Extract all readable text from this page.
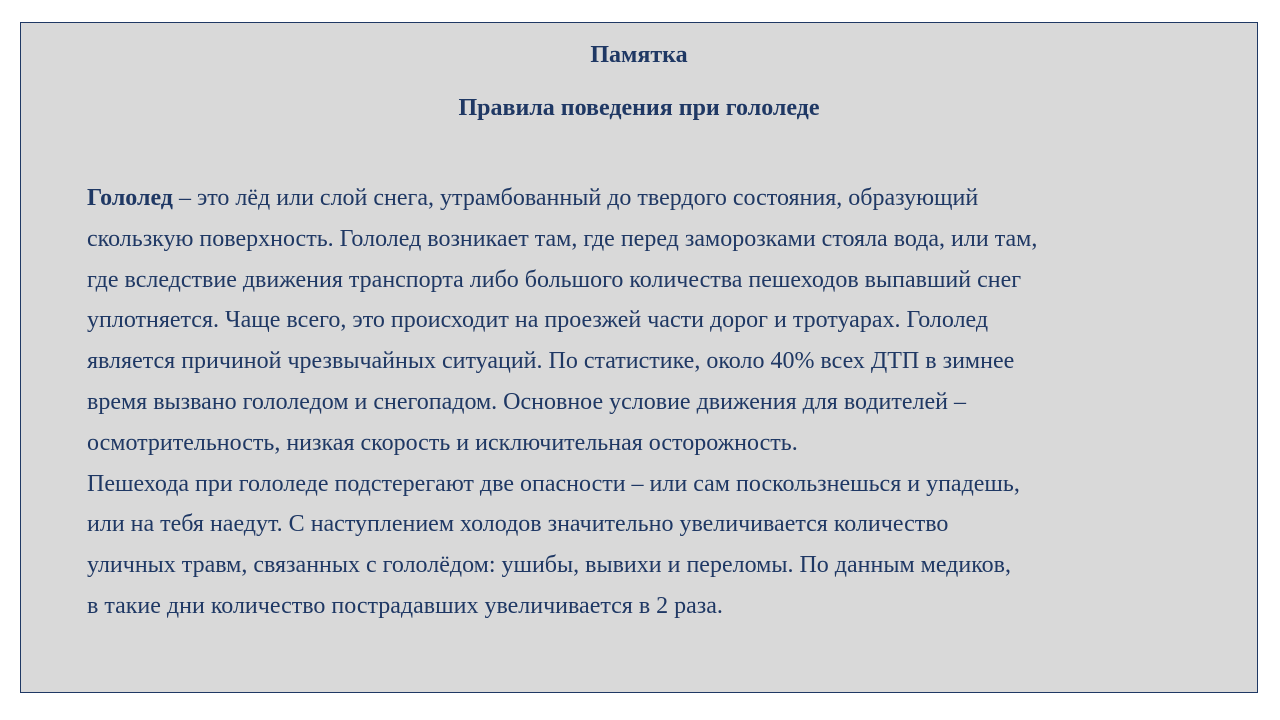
Памятка
Правила поведения при гололеде
Гололед – это лёд или слой снега, утрамбованный до твердого состояния, образующий
скользкую поверхность. Гололед возникает там, где перед заморозками стояла вода, или там,
где вследствие движения транспорта либо большого количества пешеходов выпавший снег
уплотняется. Чаще всего, это происходит на проезжей части дорог и тротуарах. Гололед
является причиной чрезвычайных ситуаций. По статистике, около 40% всех ДТП в зимнее
время вызвано гололедом и снегопадом. Основное условие движения для водителей –
осмотрительность, низкая скорость и исключительная осторожность.
Пешехода при гололеде подстерегают две опасности – или сам поскользнешься и упадешь,
или на тебя наедут. С наступлением холодов значительно увеличивается количество
уличных травм, связанных с гололёдом: ушибы, вывихи и переломы. По данным медиков,
в такие дни количество пострадавших увеличивается в 2 раза.
